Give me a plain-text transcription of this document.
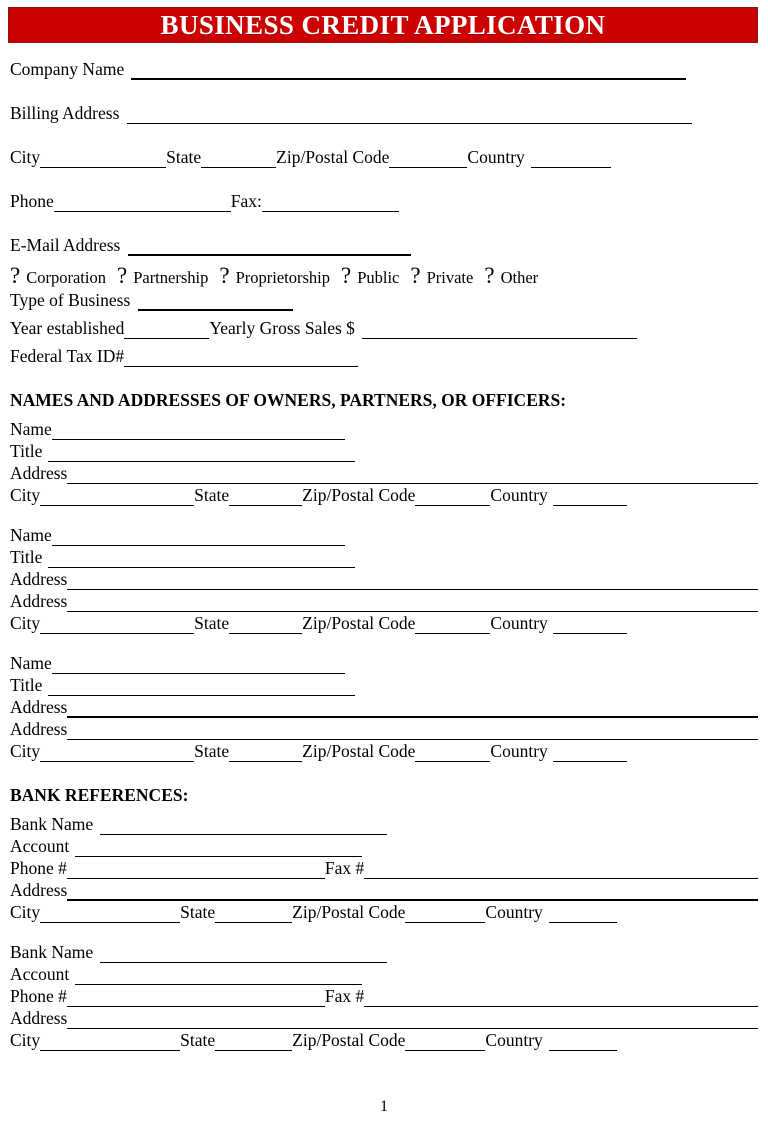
BUSINESS CREDIT APPLICATION
Company Name
Billing Address
City	State	Zip/Postal Code	Country
Phone	Fax:
E-Mail Address
? Corporation ? Partnership ? Proprietorship ? Public ? Private ? Other
Type of Business
Year established	Yearly Gross Sales $
Federal Tax ID#
NAMES AND ADDRESSES OF OWNERS, PARTNERS, OR OFFICERS:
Name
Title
Address
City	State	Zip/Postal Code	Country
Name
Title
Address
Address
City	State	Zip/Postal Code	Country
Name
Title
Address
Address
City	State	Zip/Postal Code	Country
BANK REFERENCES:
Bank Name
Account
Phone #	Fax #
Address
City	State	Zip/Postal Code	Country
Bank Name
Account
Phone #	Fax #
Address
City	State	Zip/Postal Code	Country
1
